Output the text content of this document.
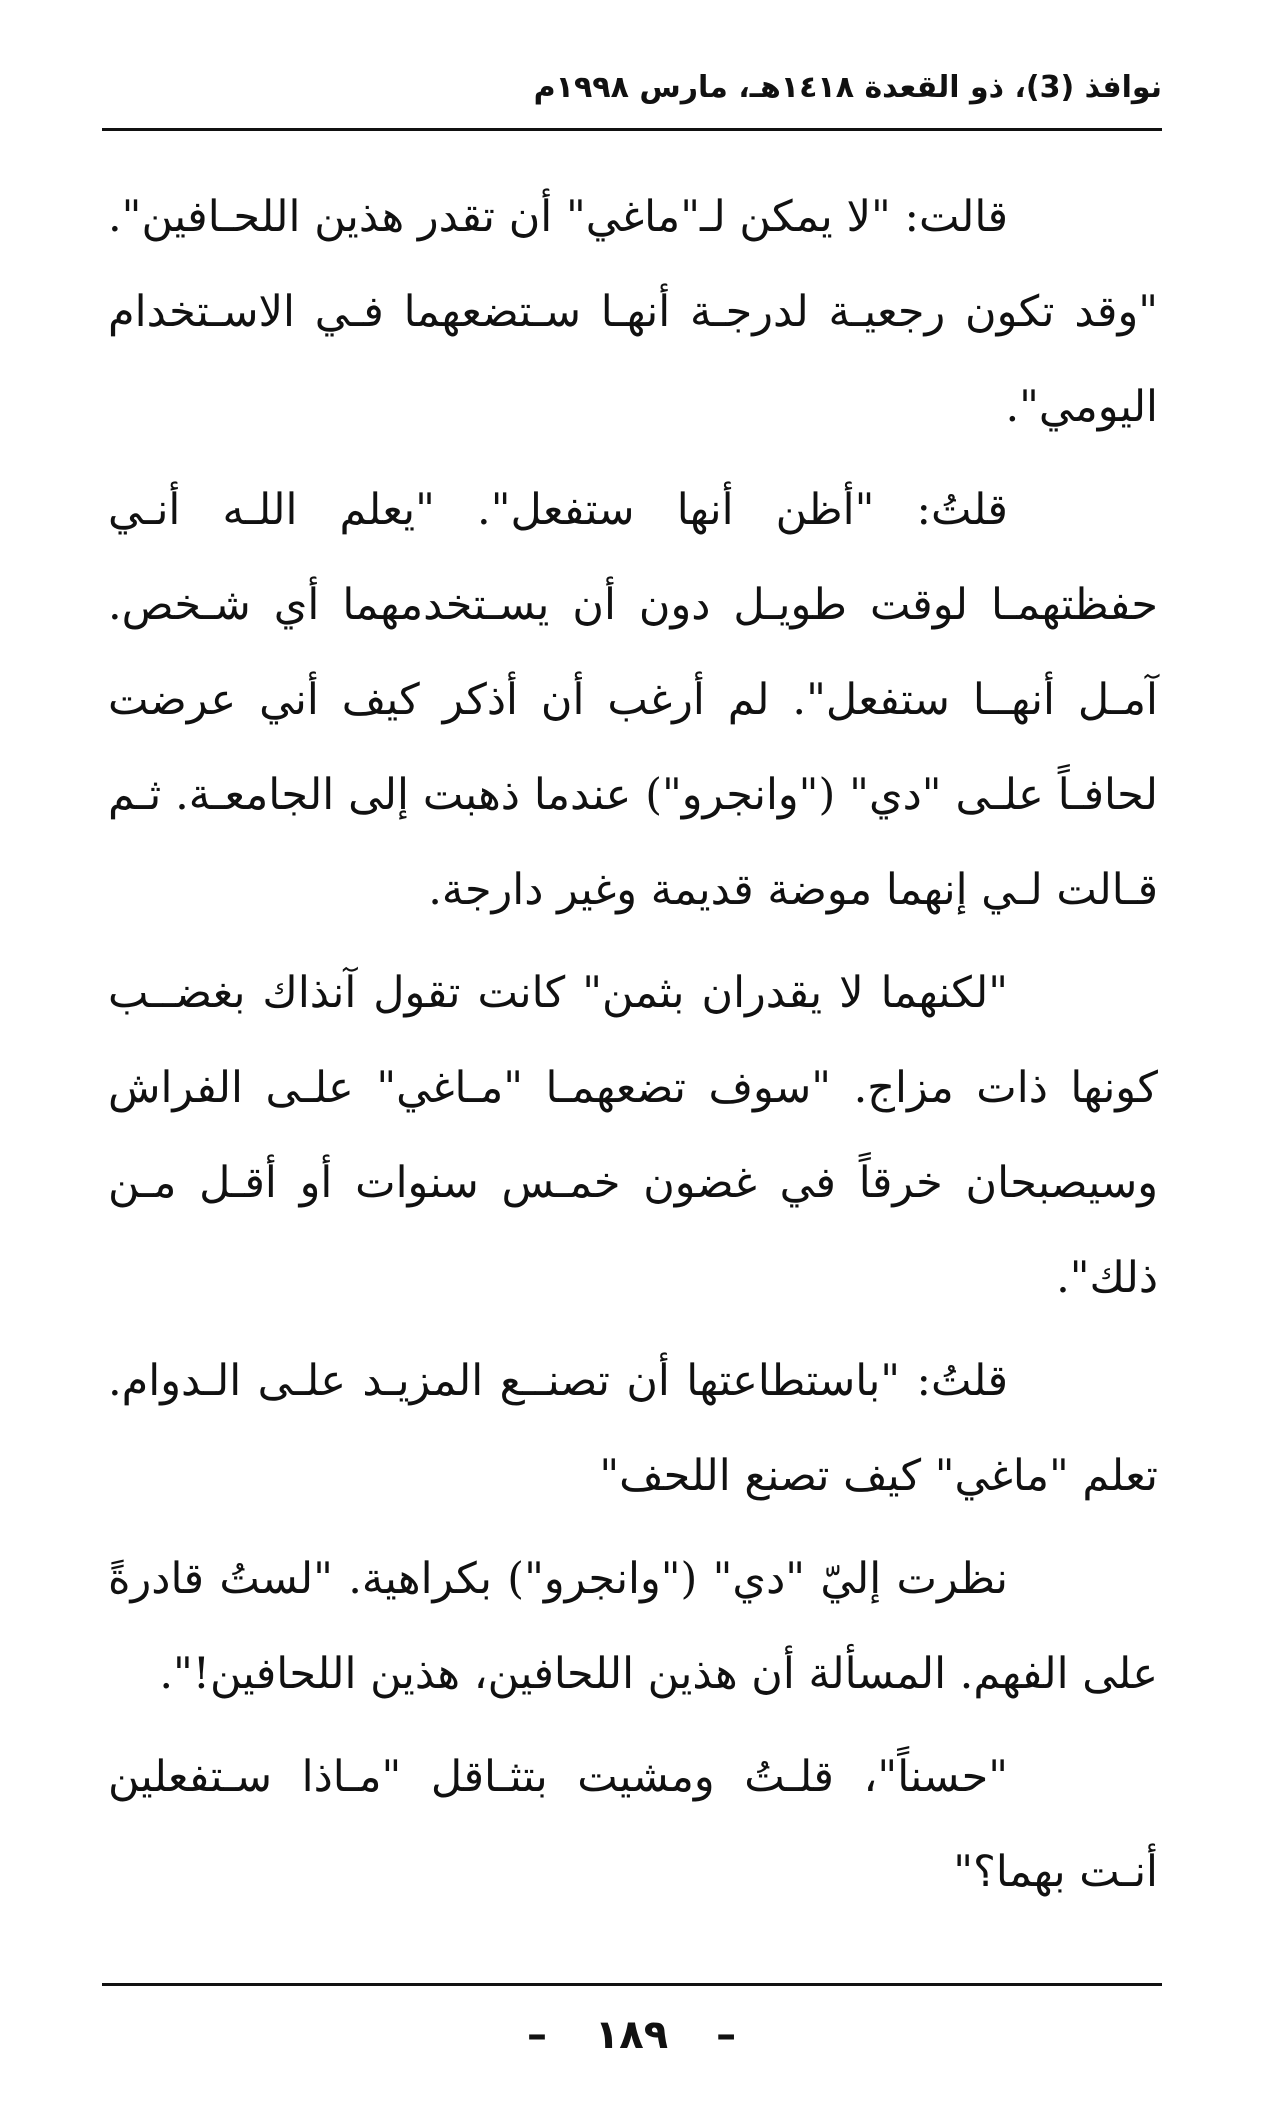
نوافذ (3)، ذو القعدة ١٤١٨هـ، مارس ١٩٩٨م

قالت: "لا يمكن لـ"ماغي" أن تقدر هذين اللحـافين". "وقد تكون رجعيـة لدرجـة أنهـا سـتضعهما فـي الاسـتخدام اليومي".

قلتُ: "أظن أنها ستفعل". "يعلم اللـه أنـي حفظتهمـا لوقت طويـل دون أن يسـتخدمهما أي شـخص. آمـل أنهــا ستفعل". لم أرغب أن أذكر كيف أني عرضت لحافـاً علـى "دي" ("وانجرو") عندما ذهبت إلى الجامعـة. ثـم قـالت لـي إنهما موضة قديمة وغير دارجة.

"لكنهما لا يقدران بثمن" كانت تقول آنذاك بغضــب كونها ذات مزاج. "سوف تضعهمـا "مـاغي" علـى الفراش وسيصبحان خرقاً في غضون خمـس سنوات أو أقـل مـن ذلك".

قلتُ: "باستطاعتها أن تصنــع المزيـد علـى الـدوام. تعلم "ماغي" كيف تصنع اللحف"

نظرت إليّ "دي" ("وانجرو") بكراهية. "لستُ قادرةً على الفهم. المسألة أن هذين اللحافين، هذين اللحافين!".

"حسناً"، قلـتُ ومشيت بتثـاقل "مـاذا سـتفعلين أنـت بهما؟"

– ١٨٩ –
